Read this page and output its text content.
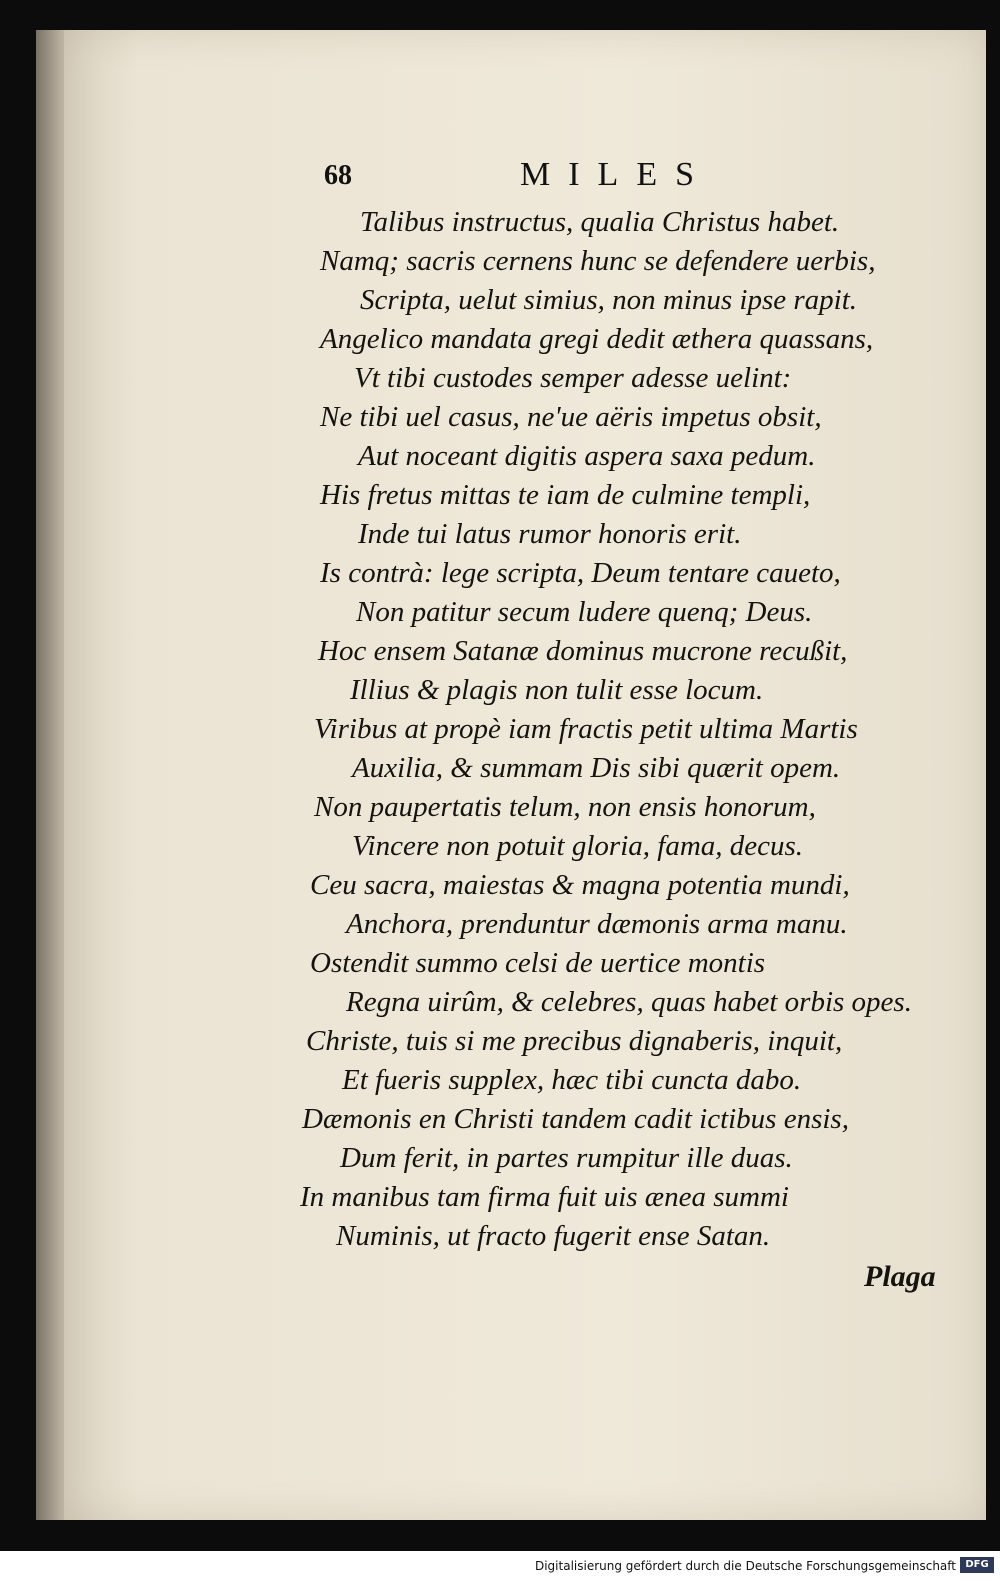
68	MILES
Talibus instructus, qualia Christus habet.
Namq; sacris cernens hunc se defendere uerbis,
Scripta, uelut simius, non minus ipse rapit.
Angelico mandata gregi dedit æthera quassans,
Vt tibi custodes semper adesse uelint:
Ne tibi uel casus, ne'ue aëris impetus obsit,
Aut noceant digitis aspera saxa pedum.
His fretus mittas te iam de culmine templi,
Inde tui latus rumor honoris erit.
Is contrà: lege scripta, Deum tentare caueto,
Non patitur secum ludere quenq; Deus.
Hoc ensem Satanæ dominus mucrone recußit,
Illius & plagis non tulit esse locum.
Viribus at propè iam fractis petit ultima Martis
Auxilia, & summam Dis sibi quærit opem.
Non paupertatis telum, non ensis honorum,
Vincere non potuit gloria, fama, decus.
Ceu sacra, maiestas & magna potentia mundi,
Anchora, prenduntur dæmonis arma manu.
Ostendit summo celsi de uertice montis
Regna uirûm, & celebres, quas habet orbis opes.
Christe, tuis si me precibus dignaberis, inquit,
Et fueris supplex, hæc tibi cuncta dabo.
Dæmonis en Christi tandem cadit ictibus ensis,
Dum ferit, in partes rumpitur ille duas.
In manibus tam firma fuit uis ænea summi
Numinis, ut fracto fugerit ense Satan.
Plaga
Digitalisierung gefördert durch die Deutsche Forschungsgemeinschaft DFG
